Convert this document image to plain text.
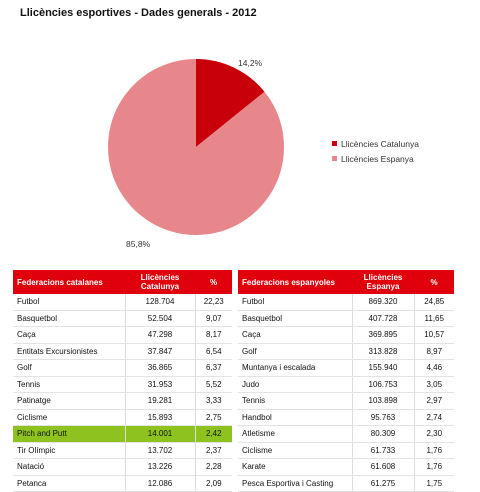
Llicències esportives - Dades generals - 2012
14,2%
85,8%
Llicències Catalunya
Llicències Espanya
Federacions catalanes	Llicències Catalunya	%
Futbol	128.704	22,23
Basquetbol	52.504	9,07
Caça	47.298	8,17
Entitats Excursionistes	37.847	6,54
Golf	36.865	6,37
Tennis	31.953	5,52
Patinatge	19.281	3,33
Ciclisme	15.893	2,75
Pitch and Putt	14.001	2,42
Tir Olímpic	13.702	2,37
Natació	13.226	2,28
Petanca	12.086	2,09
Federacions espanyoles	Llicències Espanya	%
Futbol	869.320	24,85
Basquetbol	407.728	11,65
Caça	369.895	10,57
Golf	313.828	8,97
Muntanya i escalada	155.940	4,46
Judo	106.753	3,05
Tennis	103.898	2,97
Handbol	95.763	2,74
Atletisme	80.309	2,30
Ciclisme	61.733	1,76
Karate	61.608	1,76
Pesca Esportiva i Casting	61.275	1,75
